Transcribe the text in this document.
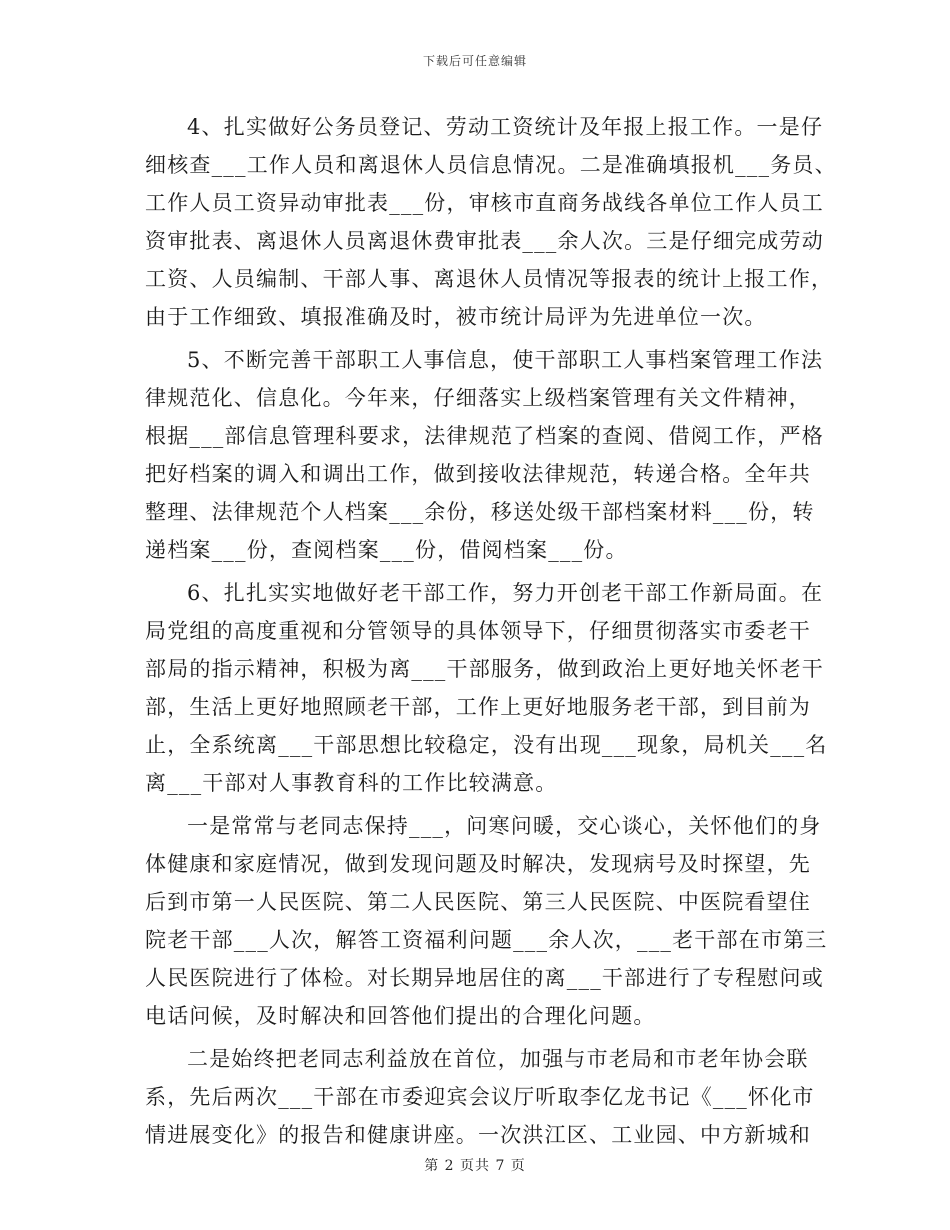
下载后可任意编辑
4、扎实做好公务员登记、劳动工资统计及年报上报工作。一是仔
细核查___工作人员和离退休人员信息情况。二是准确填报机___务员、
工作人员工资异动审批表___份，审核市直商务战线各单位工作人员工
资审批表、离退休人员离退休费审批表___余人次。三是仔细完成劳动
工资、人员编制、干部人事、离退休人员情况等报表的统计上报工作，
由于工作细致、填报准确及时，被市统计局评为先进单位一次。
5、不断完善干部职工人事信息，使干部职工人事档案管理工作法
律规范化、信息化。今年来，仔细落实上级档案管理有关文件精神，
根据___部信息管理科要求，法律规范了档案的查阅、借阅工作，严格
把好档案的调入和调出工作，做到接收法律规范，转递合格。全年共
整理、法律规范个人档案___余份，移送处级干部档案材料___份，转
递档案___份，查阅档案___份，借阅档案___份。
6、扎扎实实地做好老干部工作，努力开创老干部工作新局面。在
局党组的高度重视和分管领导的具体领导下，仔细贯彻落实市委老干
部局的指示精神，积极为离___干部服务，做到政治上更好地关怀老干
部，生活上更好地照顾老干部，工作上更好地服务老干部，到目前为
止，全系统离___干部思想比较稳定，没有出现___现象，局机关___名
离___干部对人事教育科的工作比较满意。
一是常常与老同志保持___，问寒问暖，交心谈心，关怀他们的身
体健康和家庭情况，做到发现问题及时解决，发现病号及时探望，先
后到市第一人民医院、第二人民医院、第三人民医院、中医院看望住
院老干部___人次，解答工资福利问题___余人次，___老干部在市第三
人民医院进行了体检。对长期异地居住的离___干部进行了专程慰问或
电话问候，及时解决和回答他们提出的合理化问题。
二是始终把老同志利益放在首位，加强与市老局和市老年协会联
系，先后两次___干部在市委迎宾会议厅听取李亿龙书记《___怀化市
情进展变化》的报告和健康讲座。一次洪江区、工业园、中方新城和
第 2 页共 7 页
